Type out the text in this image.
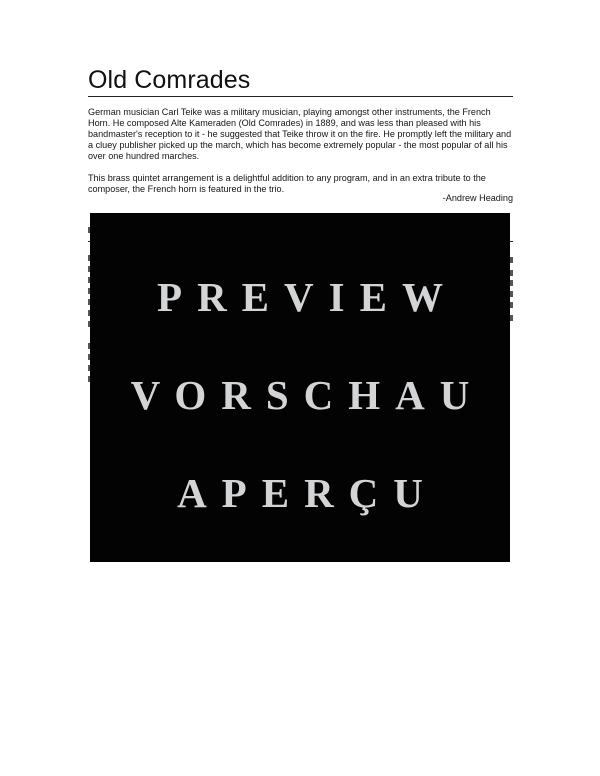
Old Comrades

German musician Carl Teike was a military musician, playing amongst other instruments, the French Horn. He composed Alte Kameraden (Old Comrades) in 1889, and was less than pleased with his bandmaster's reception to it - he suggested that Teike throw it on the fire. He promptly left the military and a cluey publisher picked up the march, which has become extremely popular - the most popular of all his over one hundred marches.

This brass quintet arrangement is a delightful addition to any program, and in an extra tribute to the composer, the French horn is featured in the trio.

-Andrew Heading
PREVIEW
VORSCHAU
APERÇU
